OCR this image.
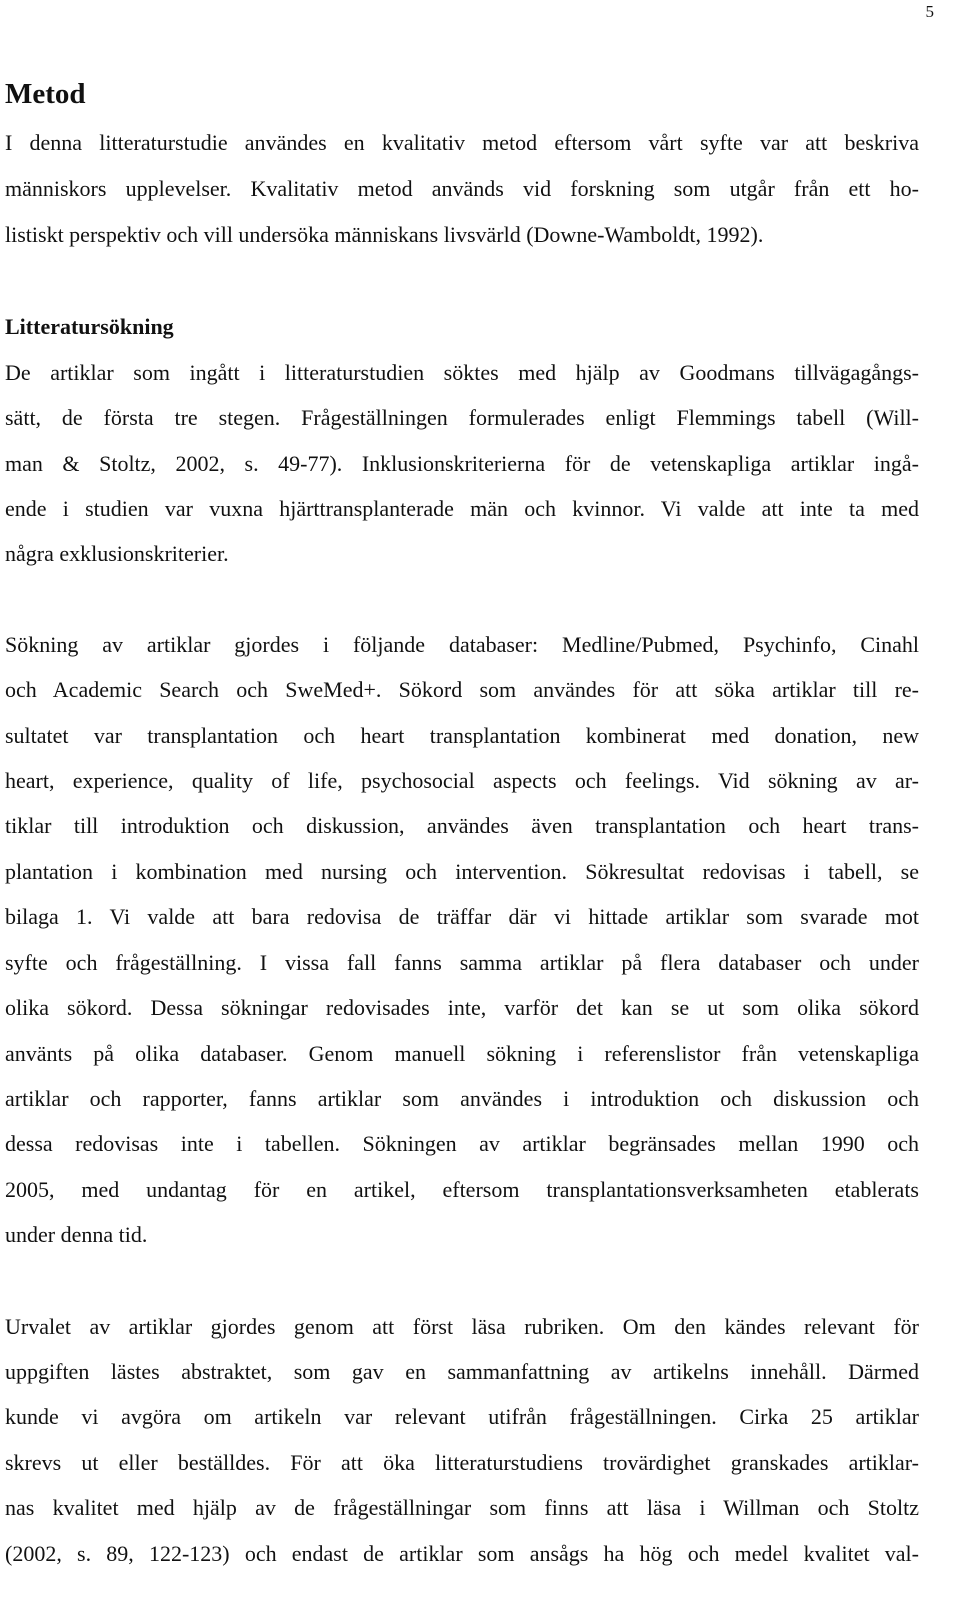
5
Metod
I denna litteraturstudie användes en kvalitativ metod eftersom vårt syfte var att beskriva
människors upplevelser. Kvalitativ metod används vid forskning som utgår från ett ho-
listiskt perspektiv och vill undersöka människans livsvärld (Downe-Wamboldt, 1992).
Litteratursökning
De artiklar som ingått i litteraturstudien söktes med hjälp av Goodmans tillvägagångs-
sätt, de första tre stegen. Frågeställningen formulerades enligt Flemmings tabell (Will-
man & Stoltz, 2002, s. 49-77). Inklusionskriterierna för de vetenskapliga artiklar ingå-
ende i studien var vuxna hjärttransplanterade män och kvinnor. Vi valde att inte ta med
några exklusionskriterier.
Sökning av artiklar gjordes i följande databaser: Medline/Pubmed, Psychinfo, Cinahl
och Academic Search och SweMed+. Sökord som användes för att söka artiklar till re-
sultatet var transplantation och heart transplantation kombinerat med donation, new
heart, experience, quality of life, psychosocial aspects och feelings. Vid sökning av ar-
tiklar till introduktion och diskussion, användes även transplantation och heart trans-
plantation i kombination med nursing och intervention. Sökresultat redovisas i tabell, se
bilaga 1. Vi valde att bara redovisa de träffar där vi hittade artiklar som svarade mot
syfte och frågeställning. I vissa fall fanns samma artiklar på flera databaser och under
olika sökord. Dessa sökningar redovisades inte, varför det kan se ut som olika sökord
använts på olika databaser. Genom manuell sökning i referenslistor från vetenskapliga
artiklar och rapporter, fanns artiklar som användes i introduktion och diskussion och
dessa redovisas inte i tabellen. Sökningen av artiklar begränsades mellan 1990 och
2005, med undantag för en artikel, eftersom transplantationsverksamheten etablerats
under denna tid.
Urvalet av artiklar gjordes genom att först läsa rubriken. Om den kändes relevant för
uppgiften lästes abstraktet, som gav en sammanfattning av artikelns innehåll. Därmed
kunde vi avgöra om artikeln var relevant utifrån frågeställningen. Cirka 25 artiklar
skrevs ut eller beställdes. För att öka litteraturstudiens trovärdighet granskades artiklar-
nas kvalitet med hjälp av de frågeställningar som finns att läsa i Willman och Stoltz
(2002, s. 89, 122-123) och endast de artiklar som ansågs ha hög och medel kvalitet val-
